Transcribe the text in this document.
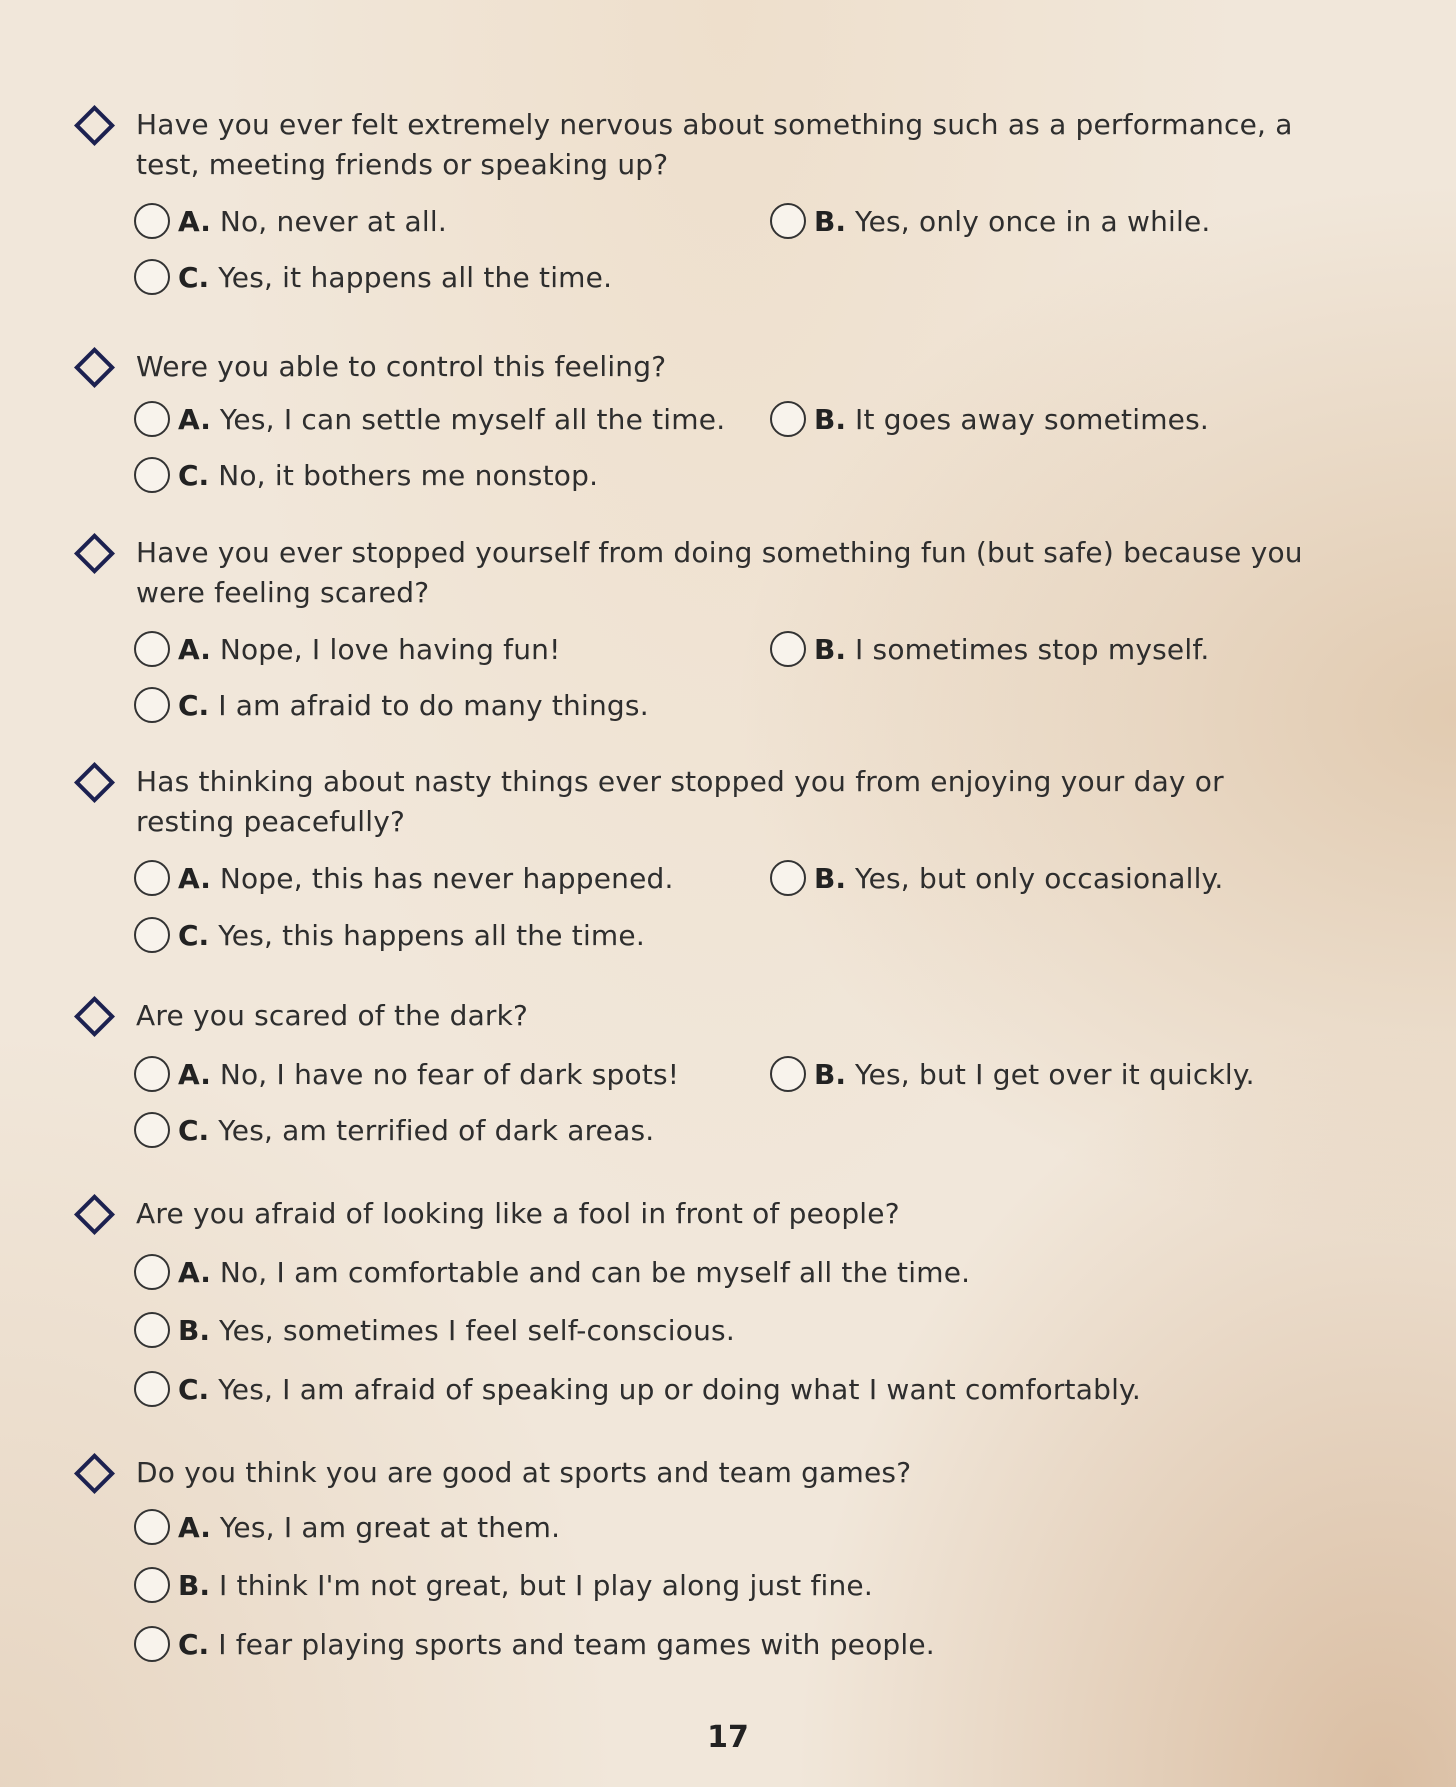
Have you ever felt extremely nervous about something such as a performance, a test, meeting friends or speaking up?
A. No, never at all.	B. Yes, only once in a while.
C. Yes, it happens all the time.
Were you able to control this feeling?
A. Yes, I can settle myself all the time.	B. It goes away sometimes.
C. No, it bothers me nonstop.
Have you ever stopped yourself from doing something fun (but safe) because you were feeling scared?
A. Nope, I love having fun!	B. I sometimes stop myself.
C. I am afraid to do many things.
Has thinking about nasty things ever stopped you from enjoying your day or resting peacefully?
A. Nope, this has never happened.	B. Yes, but only occasionally.
C. Yes, this happens all the time.
Are you scared of the dark?
A. No, I have no fear of dark spots!	B. Yes, but I get over it quickly.
C. Yes, am terrified of dark areas.
Are you afraid of looking like a fool in front of people?
A. No, I am comfortable and can be myself all the time.
B. Yes, sometimes I feel self-conscious.
C. Yes, I am afraid of speaking up or doing what I want comfortably.
Do you think you are good at sports and team games?
A. Yes, I am great at them.
B. I think I'm not great, but I play along just fine.
C. I fear playing sports and team games with people.
17
